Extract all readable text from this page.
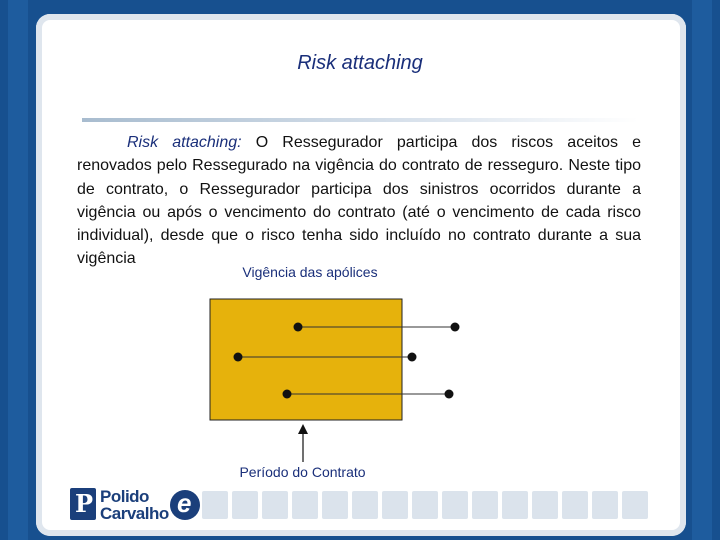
Risk attaching

Risk attaching: O Ressegurador participa dos riscos aceitos e renovados pelo Ressegurado na vigência do contrato de resseguro. Neste tipo de contrato, o Ressegurador participa dos sinistros ocorridos durante a vigência ou após o vencimento do contrato (até o vencimento de cada risco individual), desde que o risco tenha sido incluído no contrato durante a sua vigência

Vigência das apólices
Período do Contrato
P Polido
Carvalho e
